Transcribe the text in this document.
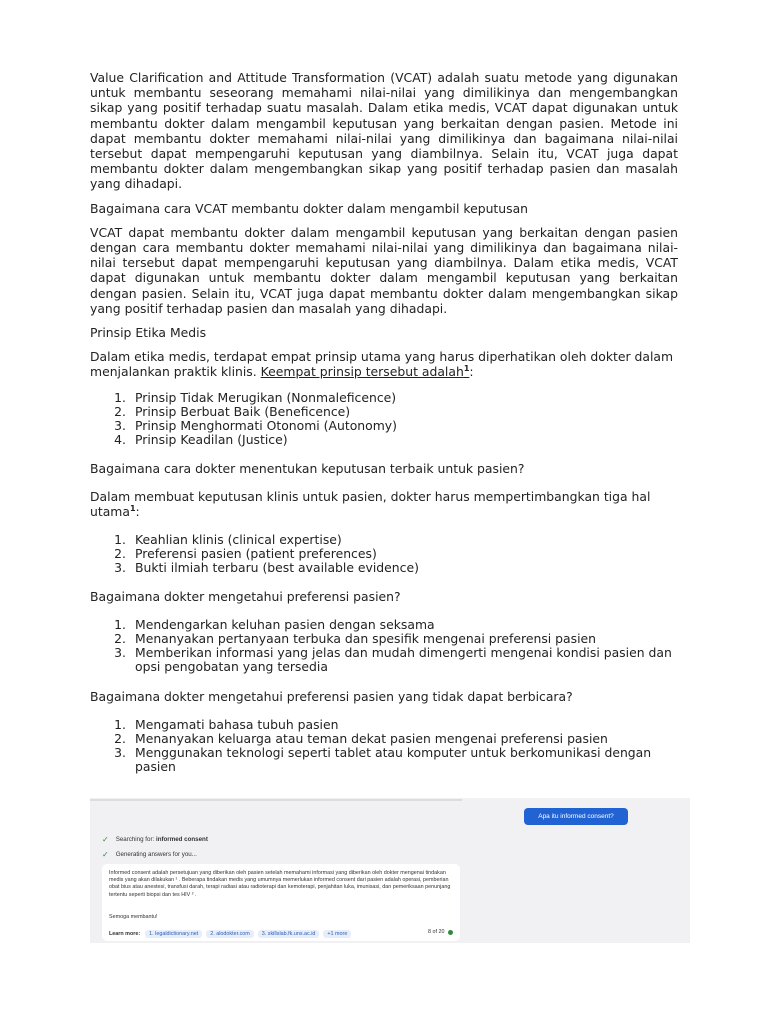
Value Clarification and Attitude Transformation (VCAT) adalah suatu metode yang digunakan untuk membantu seseorang memahami nilai-nilai yang dimilikinya dan mengembangkan sikap yang positif terhadap suatu masalah. Dalam etika medis, VCAT dapat digunakan untuk membantu dokter dalam mengambil keputusan yang berkaitan dengan pasien. Metode ini dapat membantu dokter memahami nilai-nilai yang dimilikinya dan bagaimana nilai-nilai tersebut dapat mempengaruhi keputusan yang diambilnya. Selain itu, VCAT juga dapat membantu dokter dalam mengembangkan sikap yang positif terhadap pasien dan masalah yang dihadapi.

Bagaimana cara VCAT membantu dokter dalam mengambil keputusan

VCAT dapat membantu dokter dalam mengambil keputusan yang berkaitan dengan pasien dengan cara membantu dokter memahami nilai-nilai yang dimilikinya dan bagaimana nilai-nilai tersebut dapat mempengaruhi keputusan yang diambilnya. Dalam etika medis, VCAT dapat digunakan untuk membantu dokter dalam mengambil keputusan yang berkaitan dengan pasien. Selain itu, VCAT juga dapat membantu dokter dalam mengembangkan sikap yang positif terhadap pasien dan masalah yang dihadapi.

Prinsip Etika Medis

Dalam etika medis, terdapat empat prinsip utama yang harus diperhatikan oleh dokter dalam menjalankan praktik klinis. Keempat prinsip tersebut adalah$^1$:

1. Prinsip Tidak Merugikan (Nonmaleficence)
2. Prinsip Berbuat Baik (Beneficence)
3. Prinsip Menghormati Otonomi (Autonomy)
4. Prinsip Keadilan (Justice)

Bagaimana cara dokter menentukan keputusan terbaik untuk pasien?

Dalam membuat keputusan klinis untuk pasien, dokter harus mempertimbangkan tiga hal utama$^1$:

1. Keahlian klinis (clinical expertise)
2. Preferensi pasien (patient preferences)
3. Bukti ilmiah terbaru (best available evidence)

Bagaimana dokter mengetahui preferensi pasien?

1. Mendengarkan keluhan pasien dengan seksama
2. Menanyakan pertanyaan terbuka dan spesifik mengenai preferensi pasien
3. Memberikan informasi yang jelas dan mudah dimengerti mengenai kondisi pasien dan opsi pengobatan yang tersedia

Bagaimana dokter mengetahui preferensi pasien yang tidak dapat berbicara?

1. Mengamati bahasa tubuh pasien
2. Menanyakan keluarga atau teman dekat pasien mengenai preferensi pasien
3. Menggunakan teknologi seperti tablet atau komputer untuk berkomunikasi dengan pasien
Apa itu informed consent?
✓ Searching for:
informed consent
✓ Generating answers for you...
Informed consent adalah persetujuan yang diberikan oleh pasien setelah memahami informasi yang diberikan oleh dokter mengenai tindakan medis yang akan dilakukan ¹ . Beberapa tindakan medis yang umumnya memerlukan informed consent dari pasien adalah operasi, pemberian obat bius atau anestesi, transfusi darah, terapi radiasi atau radioterapi dan kemoterapi, penjahitan luka, imunisasi, dan pemeriksaan penunjang tertentu seperti biopsi dan tes HIV ² .
Semoga membantu!
Learn more:	1. legaldictionary.net	2. alodokter.com	3. skillslab.fk.uns.ac.id	+1 more	8 of 20
